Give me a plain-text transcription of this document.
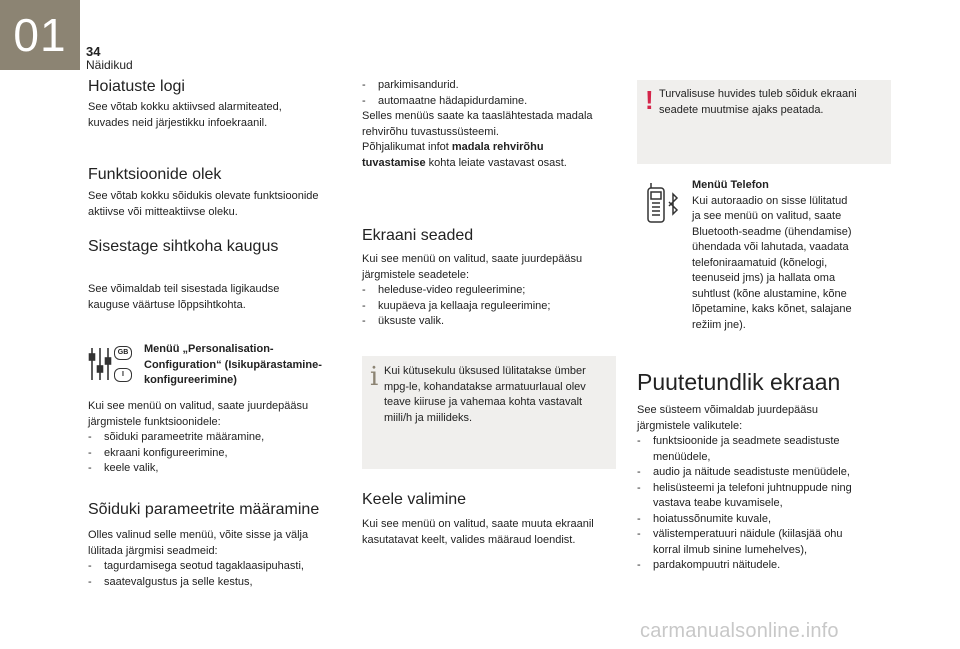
01	34
Näidikud
Hoiatuste logi
See võtab kokku aktiivsed alarmiteated,
kuvades neid järjestikku infoekraanil.
Funktsioonide olek
See võtab kokku sõidukis olevate funktsioonide
aktiivse või mitteaktiivse oleku.
Sisestage sihtkoha kaugus
See võimaldab teil sisestada ligikaudse
kauguse väärtuse lõppsihtkohta.
GB
I
Menüü „Personalisation-
Configuration“ (Isikupärastamine-
konfigureerimine)
Kui see menüü on valitud, saate juurdepääsu
järgmistele funktsioonidele:
- sõiduki parameetrite määramine,
- ekraani konfigureerimine,
- keele valik,
Sõiduki parameetrite määramine
Olles valinud selle menüü, võite sisse ja välja
lülitada järgmisi seadmeid:
- tagurdamisega seotud tagaklaasipuhasti,
- saatevalgustus ja selle kestus,
- parkimisandurid.
- automaatne hädapidurdamine.
Selles menüüs saate ka taaslähtestada madala
rehvirõhu tuvastussüsteemi.
Põhjalikumat infot madala rehvirõhu
tuvastamise kohta leiate vastavast osast.
Ekraani seaded
Kui see menüü on valitud, saate juurdepääsu
järgmistele seadetele:
- heleduse-video reguleerimine;
- kuupäeva ja kellaaja reguleerimine;
- üksuste valik.
i Kui kütusekulu üksused lülitatakse ümber
mpg-le, kohandatakse armatuurlaual olev
teave kiiruse ja vahemaa kohta vastavalt
miili/h ja miilideks.
Keele valimine
Kui see menüü on valitud, saate muuta ekraanil
kasutatavat keelt, valides määraud loendist.
! Turvalisuse huvides tuleb sõiduk ekraani
seadete muutmise ajaks peatada.
Menüü Telefon
Kui autoraadio on sisse lülitatud
ja see menüü on valitud, saate
Bluetooth-seadme (ühendamise)
ühendada või lahutada, vaadata
telefoniraamatuid (kõnelogi,
teenuseid jms) ja hallata oma
suhtlust (kõne alustamine, kõne
lõpetamine, kaks kõnet, salajane
režiim jne).
Puutetundlik ekraan
See süsteem võimaldab juurdepääsu
järgmistele valikutele:
- funktsioonide ja seadmete seadistuste
menüüdele,
- audio ja näitude seadistuste menüüdele,
- helisüsteemi ja telefoni juhtnuppude ning
vastava teabe kuvamisele,
- hoiatussõnumite kuvale,
- välistemperatuuri näidule (kiilasjää ohu
korral ilmub sinine lumehelves),
- pardakompuutri näitudele.
carmanualsonline.info
